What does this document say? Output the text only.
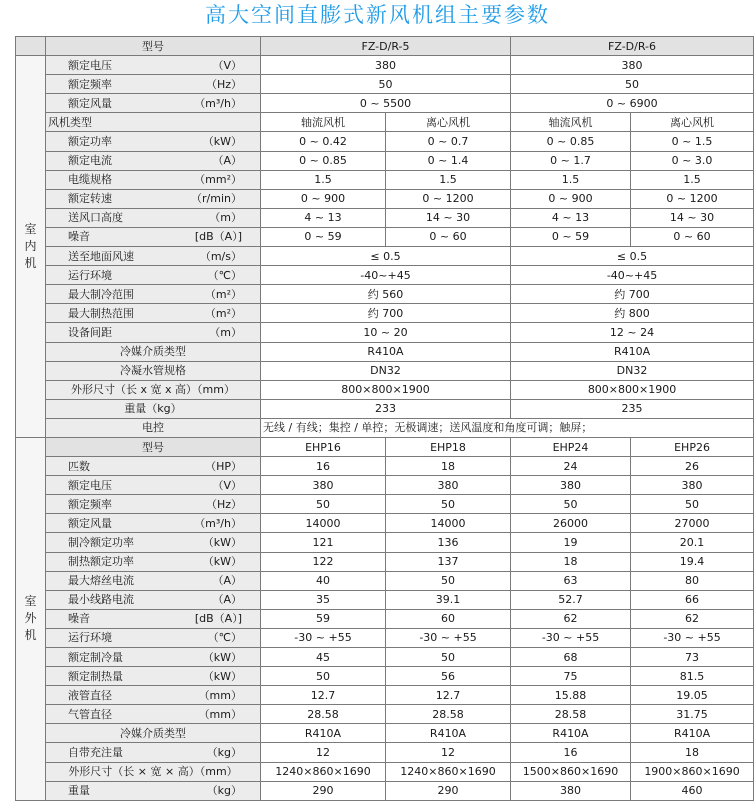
高大空间直膨式新风机组主要参数
	型号	FZ-D/R-5		FZ-D/R-6	

室
内
机	额定电压 （V）	380		380	

	额定频率 （Hz）	50		50	

	额定风量 （m³/h）	0 ~ 5500		0 ~ 6900	
	风机类型	轴流风机	离心风机	轴流风机	离心风机

	额定功率 （kW）	0 ~ 0.42	0 ~ 0.7	0 ~ 0.85	0 ~ 1.5

	额定电流 （A）	0 ~ 0.85	0 ~ 1.4	0 ~ 1.7	0 ~ 3.0

	电缆规格 （mm²）	1.5	1.5	1.5	1.5

	额定转速 （r/min）	0 ~ 900	0 ~ 1200	0 ~ 900	0 ~ 1200

	送风口高度 （m）	4 ~ 13	14 ~ 30	4 ~ 13	14 ~ 30

	噪音 [dB（A）]	0 ~ 59	0 ~ 60	0 ~ 59	0 ~ 60

	送至地面风速 （m/s）	≤ 0.5		≤ 0.5	

	运行环境 （℃）	-40~+45		-40~+45	

	最大制冷范围 （m²）	约 560		约 700	

	最大制热范围 （m²）	约 700		约 800	

	设备间距 （m）	10 ~ 20		12 ~ 24	
	冷媒介质类型	R410A		R410A	
	冷凝水管规格	DN32		DN32	
	外形尺寸（长 x 宽 x 高）（mm）	800×800×1900		800×800×1900	
	重量（kg）	233		235	
	电控	无线 / 有线；集控 / 单控；无极调速；送风温度和角度可调；触屏；			

室
外
机	型号	EHP16	EHP18	EHP24	EHP26

	匹数 （HP）	16	18	24	26

	额定电压 （V）	380	380	380	380

	额定频率 （Hz）	50	50	50	50

	额定风量 （m³/h）	14000	14000	26000	27000

	制冷额定功率 （kW）	121	136	19	20.1

	制热额定功率 （kW）	122	137	18	19.4

	最大熔丝电流 （A）	40	50	63	80

	最小线路电流 （A）	35	39.1	52.7	66

	噪音 [dB（A）]	59	60	62	62

	运行环境 （℃）	-30 ~ +55	-30 ~ +55	-30 ~ +55	-30 ~ +55

	额定制冷量 （kW）	45	50	68	73

	额定制热量 （kW）	50	56	75	81.5

	液管直径 （mm）	12.7	12.7	15.88	19.05

	气管直径 （mm）	28.58	28.58	28.58	31.75
	冷媒介质类型	R410A	R410A	R410A	R410A

	自带充注量 （kg）	12	12	16	18
	外形尺寸（长 × 宽 × 高）（mm）	1240×860×1690	1240×860×1690	1500×860×1690	1900×860×1690

	重量 （kg）	290	290	380	460
